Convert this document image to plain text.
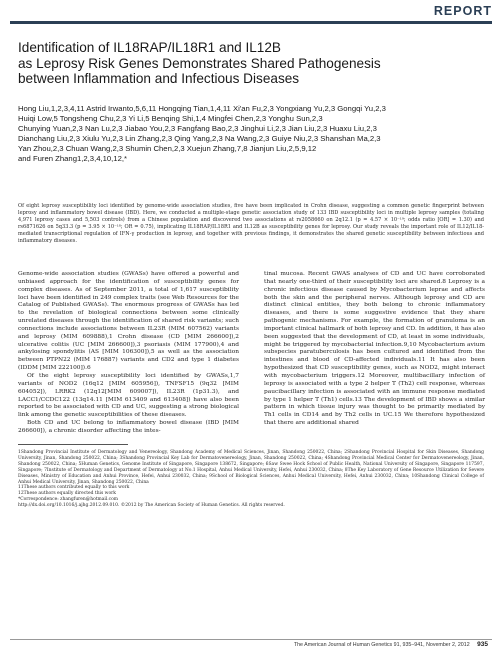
REPORT
Identification of IL18RAP/IL18R1 and IL12B
as Leprosy Risk Genes Demonstrates Shared Pathogenesis
between Inflammation and Infectious Diseases
Hong Liu,1,2,3,4,11 Astrid Irwanto,5,6,11 Hongqing Tian,1,4,11 Xi'an Fu,2,3 Yongxiang Yu,2,3 Gongqi Yu,2,3
Huiqi Low,5 Tongsheng Chu,2,3 Yi Li,5 Benqing Shi,1,4 Mingfei Chen,2,3 Yonghu Sun,2,3
Chunying Yuan,2,3 Nan Lu,2,3 Jiabao You,2,3 Fangfang Bao,2,3 Jinghui Li,2,3 Jian Liu,2,3 Huaxu Liu,2,3
Dianchang Liu,2,3 Xiulu Yu,2,3 Lin Zhang,2,3 Qing Yang,2,3 Na Wang,2,3 Guiye Niu,2,3 Shanshan Ma,2,3
Yan Zhou,2,3 Chuan Wang,2,3 Shumin Chen,2,3 Xuejun Zhang,7,8 Jianjun Liu,2,5,9,12
and Furen Zhang1,2,3,4,10,12,*
Of eight leprosy susceptibility loci identified by genome-wide association studies, five have been implicated in Crohn disease, suggesting a common genetic fingerprint between leprosy and inflammatory bowel disease (IBD). Here, we conducted a multiple-stage genetic association study of 133 IBD susceptibility loci in multiple leprosy samples (totaling 4,971 leprosy cases and 5,503 controls) from a Chinese population and discovered two associations at rs2058660 on 2q12.1 (p = 4.57 × 10⁻¹⁹; odds ratio [OR] = 1.30) and rs6871626 on 5q33.3 (p = 3.95 × 10⁻¹⁸; OR = 0.75), implicating IL18RAP/IL18R1 and IL12B as susceptibility genes for leprosy. Our study reveals the important role of IL12/IL18-mediated transcriptional regulation of IFN-γ production in leprosy, and together with previous findings, it demonstrates the shared genetic susceptibility between infectious and inflammatory diseases.

Genome-wide association studies (GWASs) have offered a powerful and unbiased approach for the identification of susceptibility genes for complex diseases. As of September 2011, a total of 1,617 susceptibility loci have been identified in 249 complex traits (see Web Resources for the Catalog of Published GWASs). The enormous progress of GWASs has led to the revelation of biological connections between some clinically unrelated diseases through the identification of shared risk variants; such connections include associations between IL23R (MIM 607562) variants and leprosy (MIM 609888),1 Crohn disease (CD [MIM 266600]),2 ulcerative colitis (UC [MIM 266600]),3 psoriasis (MIM 177900),4 and ankylosing spondylitis (AS [MIM 106300]),5 as well as the association between PTPN22 (MIM 176887) variants and CD2 and type 1 diabetes (IDDM [MIM 222100]).6

Of the eight leprosy susceptibility loci identified by GWASs,1,7 variants of NOD2 (16q12 [MIM 605956]), TNFSF15 (9q32 [MIM 604052]), LRRK2 (12q12[MIM 609007]), IL23R (1p31.3), and LACC1/CCDC122 (13q14.11 [MIM 613409 and 613408]) have also been reported to be associated with CD and UC, suggesting a strong biological link among the genetic susceptibilities of these diseases.

Both CD and UC belong to inflammatory bowel disease (IBD [MIM 266600]), a chronic disorder affecting the intes-

tinal mucosa. Recent GWAS analyses of CD and UC have corroborated that nearly one-third of their susceptibility loci are shared.8 Leprosy is a chronic infectious disease caused by Mycobacterium leprae and affects both the skin and the peripheral nerves. Although leprosy and CD are distinct clinical entities, they both belong to chronic inflammatory diseases, and there is some suggestive evidence that they share pathogenic mechanisms. For example, the formation of granuloma is an important clinical hallmark of both leprosy and CD. In addition, it has also been suggested that the development of CD, at least in some individuals, might be triggered by mycobacterial infection.9,10 Mycobacterium avium subspecies paratuberculosis has been cultured and identified from the intestines and blood of CD-affected individuals.11 It has also been hypothesized that CD susceptibility genes, such as NOD2, might interact with mycobacterium triggers.12 Moreover, multibacillary infection of leprosy is associated with a type 2 helper T (Th2) cell response, whereas paucibacillary infection is associated with an immune response mediated by type 1 helper T (Th1) cells.13 The development of IBD shows a similar pattern in which tissue injury was thought to be primarily mediated by Th1 cells in CD14 and by Th2 cells in UC.15 We therefore hypothesized that there are additional shared

1Shandong Provincial Institute of Dermatology and Venereology, Shandong Academy of Medical Sciences, Jinan, Shandong 250022, China; 2Shandong Provincial Hospital for Skin Diseases, Shandong University, Jinan, Shandong 250022, China; 3Shandong Provincial Key Lab for Dermatovenereology, Jinan, Shandong 250022, China; 4Shandong Provincial Medical Center for Dermatovenereology, Jinan, Shandong 250022, China; 5Human Genetics, Genome Institute of Singapore, Singapore 138672, Singapore; 6Saw Swee Hock School of Public Health, National University of Singapore, Singapore 117597, Singapore; 7Institute of Dermatology and Department of Dermatology at No.1 Hospital, Anhui Medical University, Hefei, Anhui 230032, China; 8The Key Laboratory of Gene Resource Utilization for Severe Diseases, Ministry of Education and Anhui Province, Hefei, Anhui 230032, China; 9School of Biological Sciences, Anhui Medical University, Hefei, Anhui 230032, China; 10Shandong Clinical College of Anhui Medical University, Jinan, Shandong 250022, China
11These authors contributed equally to this work
12These authors equally directed this work
*Correspondence: zhangfuren@hotmail.com
http://dx.doi.org/10.1016/j.ajhg.2012.09.010. ©2012 by The American Society of Human Genetics. All rights reserved.
The American Journal of Human Genetics 91, 935–941, November 2, 2012 935
